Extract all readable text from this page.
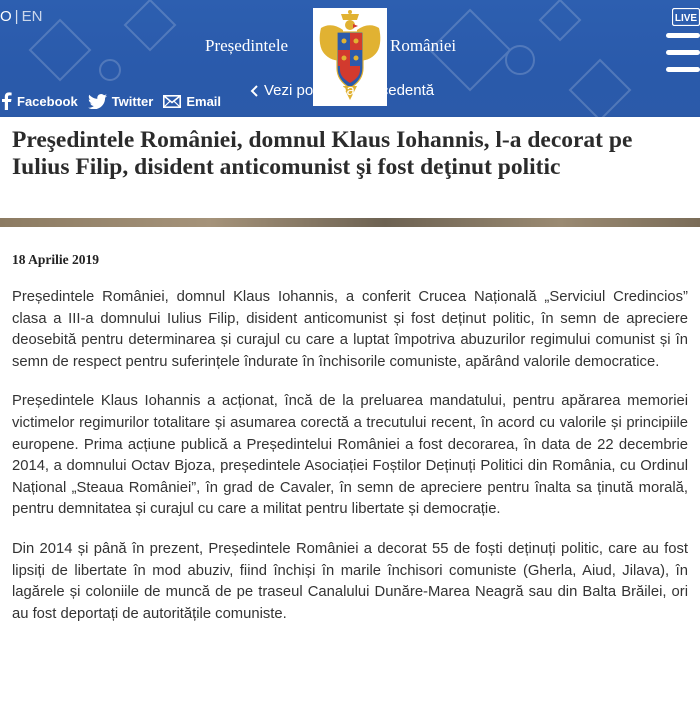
O | EN
Președintele	României
LIVE
Vezi postarea precedentă
Facebook	Twitter	Email
Preşedintele României, domnul Klaus Iohannis, l-a decorat pe Iulius Filip, disident anticomunist şi fost deţinut politic
18 Aprilie 2019

Președintele României, domnul Klaus Iohannis, a conferit Crucea Națională „Serviciul Credincios” clasa a III-a domnului Iulius Filip, disident anticomunist și fost deținut politic, în semn de apreciere deosebită pentru determinarea și curajul cu care a luptat împotriva abuzurilor regimului comunist și în semn de respect pentru suferințele îndurate în închisorile comuniste, apărând valorile democratice.

Președintele Klaus Iohannis a acționat, încă de la preluarea mandatului, pentru apărarea memoriei victimelor regimurilor totalitare și asumarea corectă a trecutului recent, în acord cu valorile și principiile europene. Prima acțiune publică a Președintelui României a fost decorarea, în data de 22 decembrie 2014, a domnului Octav Bjoza, președintele Asociației Foștilor Deținuți Politici din România, cu Ordinul Național „Steaua României”, în grad de Cavaler, în semn de apreciere pentru înalta sa ținută morală, pentru demnitatea și curajul cu care a militat pentru libertate și democrație.

Din 2014 și până în prezent, Președintele României a decorat 55 de foști deținuți politic, care au fost lipsiți de libertate în mod abuziv, fiind închiși în marile închisori comuniste (Gherla, Aiud, Jilava), în lagărele și coloniile de muncă de pe traseul Canalului Dunăre-Marea Neagră sau din Balta Brăilei, ori au fost deportați de autoritățile comuniste.
